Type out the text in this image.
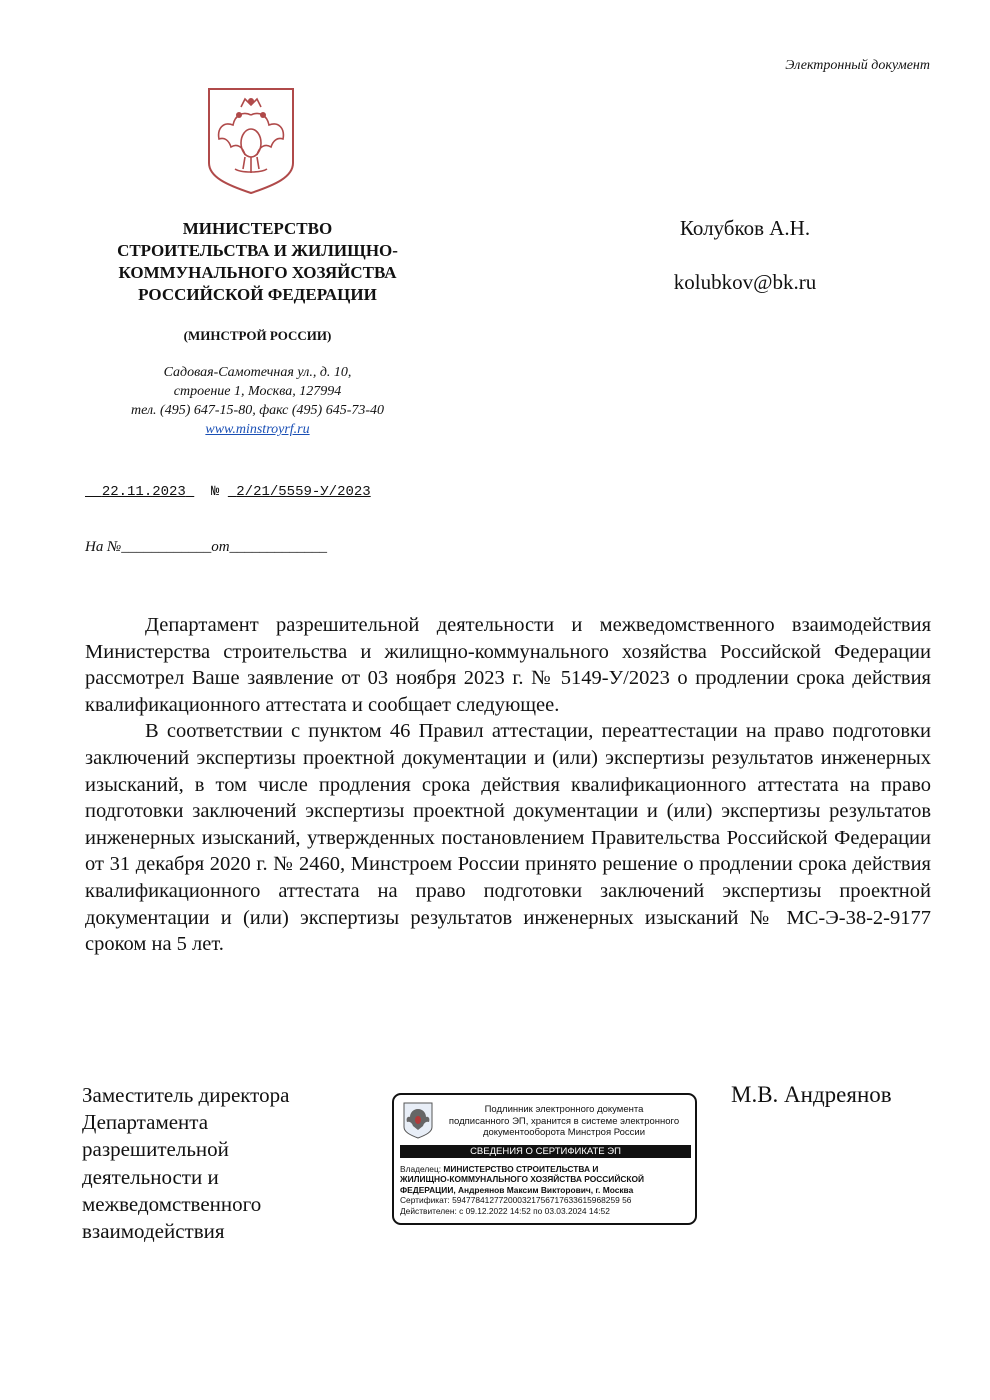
Электронный документ
МИНИСТЕРСТВО
СТРОИТЕЛЬСТВА И ЖИЛИЩНО-
КОММУНАЛЬНОГО ХОЗЯЙСТВА
РОССИЙСКОЙ ФЕДЕРАЦИИ
(МИНСТРОЙ РОССИИ)
Садовая-Самотечная ул., д. 10,
строение 1, Москва, 127994
тел. (495) 647-15-80, факс (495) 645-73-40
www.minstroyrf.ru
Колубков А.Н.
kolubkov@bk.ru
22.11.2023 № 2/21/5559-У/2023
На №____________от_____________

Департамент разрешительной деятельности и межведомственного взаимодействия Министерства строительства и жилищно-коммунального хозяйства Российской Федерации рассмотрел Ваше заявление от 03 ноября 2023 г. № 5149-У/2023 о продлении срока действия квалификационного аттестата и сообщает следующее.

В соответствии с пунктом 46 Правил аттестации, переаттестации на право подготовки заключений экспертизы проектной документации и (или) экспертизы результатов инженерных изысканий, в том числе продления срока действия квалификационного аттестата на право подготовки заключений экспертизы проектной документации и (или) экспертизы результатов инженерных изысканий, утвержденных постановлением Правительства Российской Федерации от 31 декабря 2020 г. № 2460, Минстроем России принято решение о продлении срока действия квалификационного аттестата на право подготовки заключений экспертизы проектной документации и (или) экспертизы результатов инженерных изысканий № МС-Э-38-2-9177 сроком на 5 лет.

Заместитель директора
Департамента
разрешительной
деятельности и
межведомственного
взаимодействия
Подлинник электронного документа
подписанного ЭП, хранится в системе электронного
документооборота Минстроя России
СВЕДЕНИЯ О СЕРТИФИКАТЕ ЭП
Владелец: МИНИСТЕРСТВО СТРОИТЕЛЬСТВА И
ЖИЛИЩНО-КОММУНАЛЬНОГО ХОЗЯЙСТВА РОССИЙСКОЙ
ФЕДЕРАЦИИ, Андреянов Максим Викторович, г. Москва
Сертификат: 594778412772000321756717633615968259 56
Действителен: с 09.12.2022 14:52 по 03.03.2024 14:52
М.В. Андреянов
